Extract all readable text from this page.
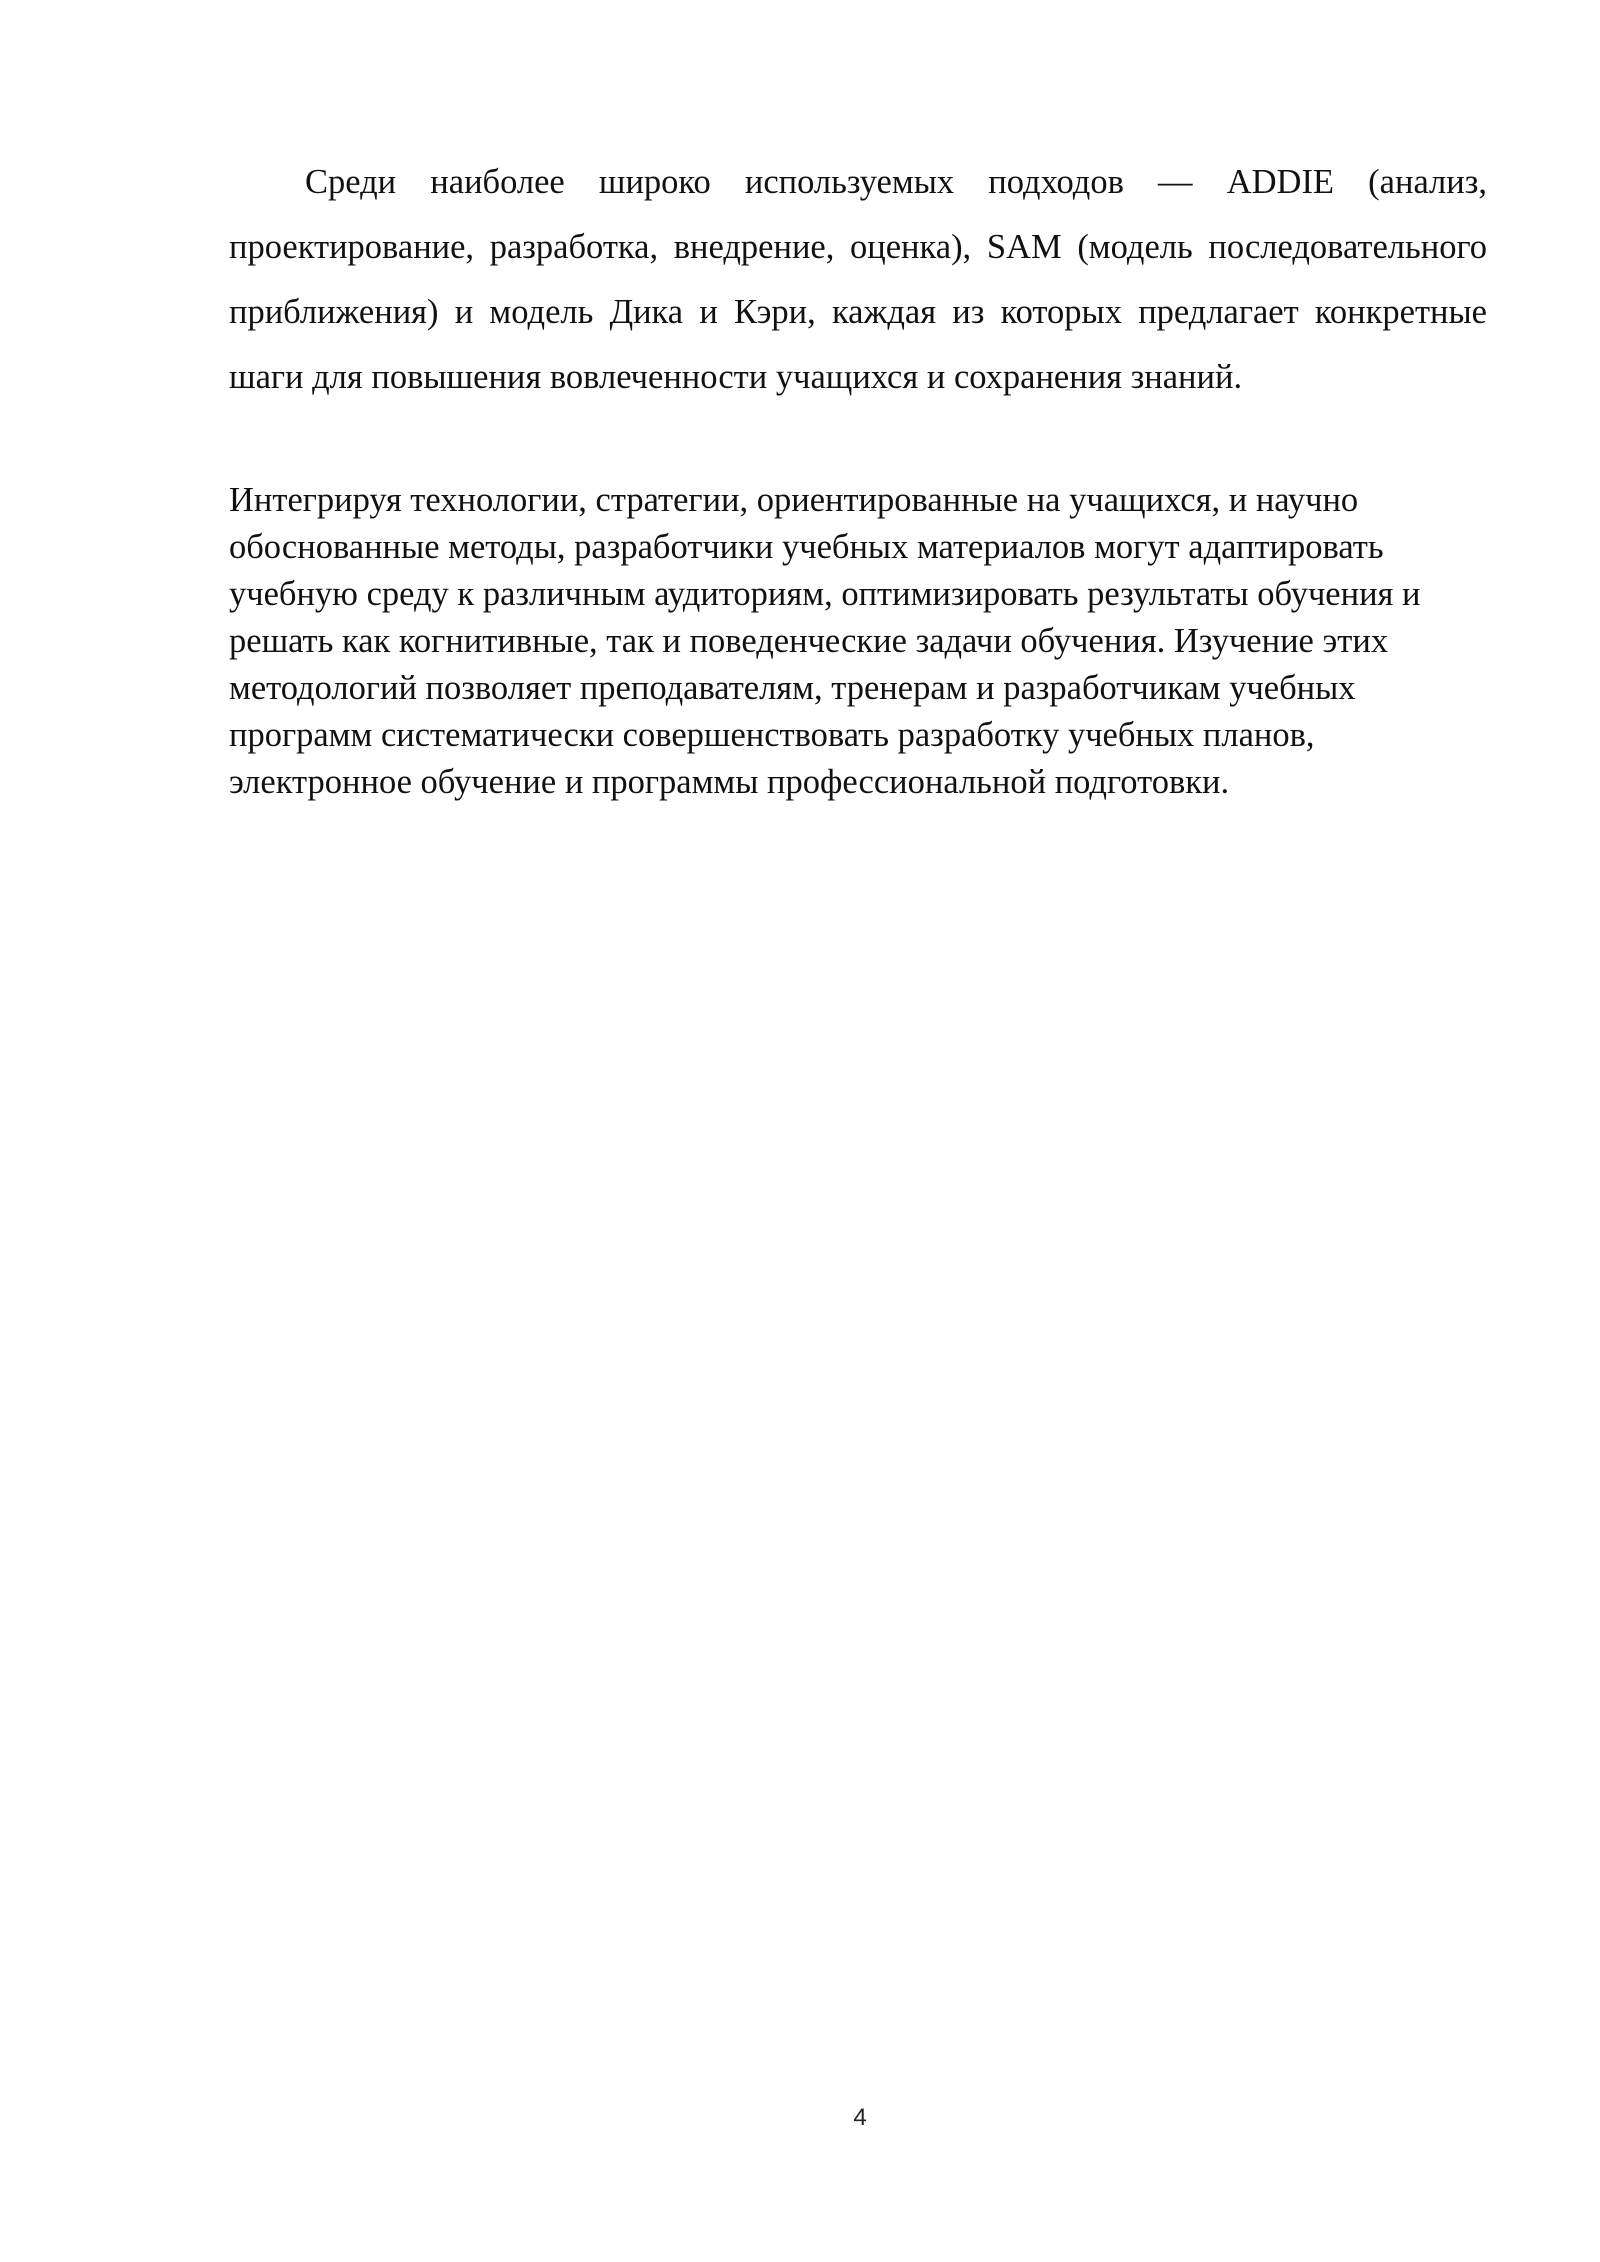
Среди наиболее широко используемых подходов — ADDIE (анализ, проектирование, разработка, внедрение, оценка), SAM (модель последовательного приближения) и модель Дика и Кэри, каждая из которых предлагает конкретные шаги для повышения вовлеченности учащихся и сохранения знаний.

Интегрируя технологии, стратегии, ориентированные на учащихся, и научно обоснованные методы, разработчики учебных материалов могут адаптировать учебную среду к различным аудиториям, оптимизировать результаты обучения и решать как когнитивные, так и поведенческие задачи обучения. Изучение этих методологий позволяет преподавателям, тренерам и разработчикам учебных программ систематически совершенствовать разработку учебных планов, электронное обучение и программы профессиональной подготовки.

4
